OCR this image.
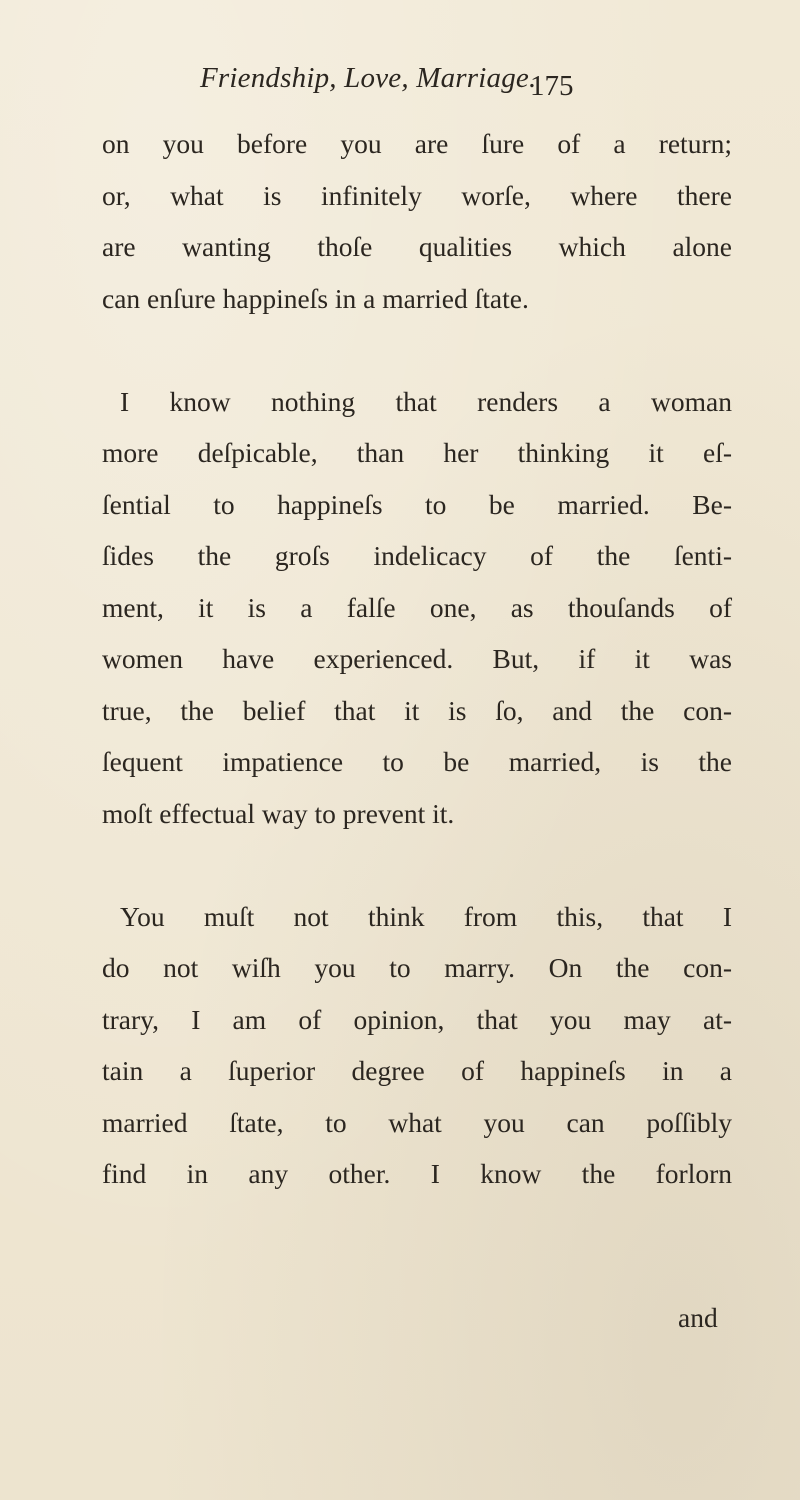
Friendship, Love, Marriage.
175

on you before you are ſure of a return;
or, what is infinitely worſe, where there
are wanting thoſe qualities which alone
can enſure happineſs in a married ſtate.

I know nothing that renders a woman
more deſpicable, than her thinking it eſ-
ſential to happineſs to be married. Be-
ſides the groſs indelicacy of the ſenti-
ment, it is a falſe one, as thouſands of
women have experienced. But, if it was
true, the belief that it is ſo, and the con-
ſequent impatience to be married, is the
moſt effectual way to prevent it.

You muſt not think from this, that I
do not wiſh you to marry. On the con-
trary, I am of opinion, that you may at-
tain a ſuperior degree of happineſs in a
married ſtate, to what you can poſſibly
find in any other. I know the forlorn

and
